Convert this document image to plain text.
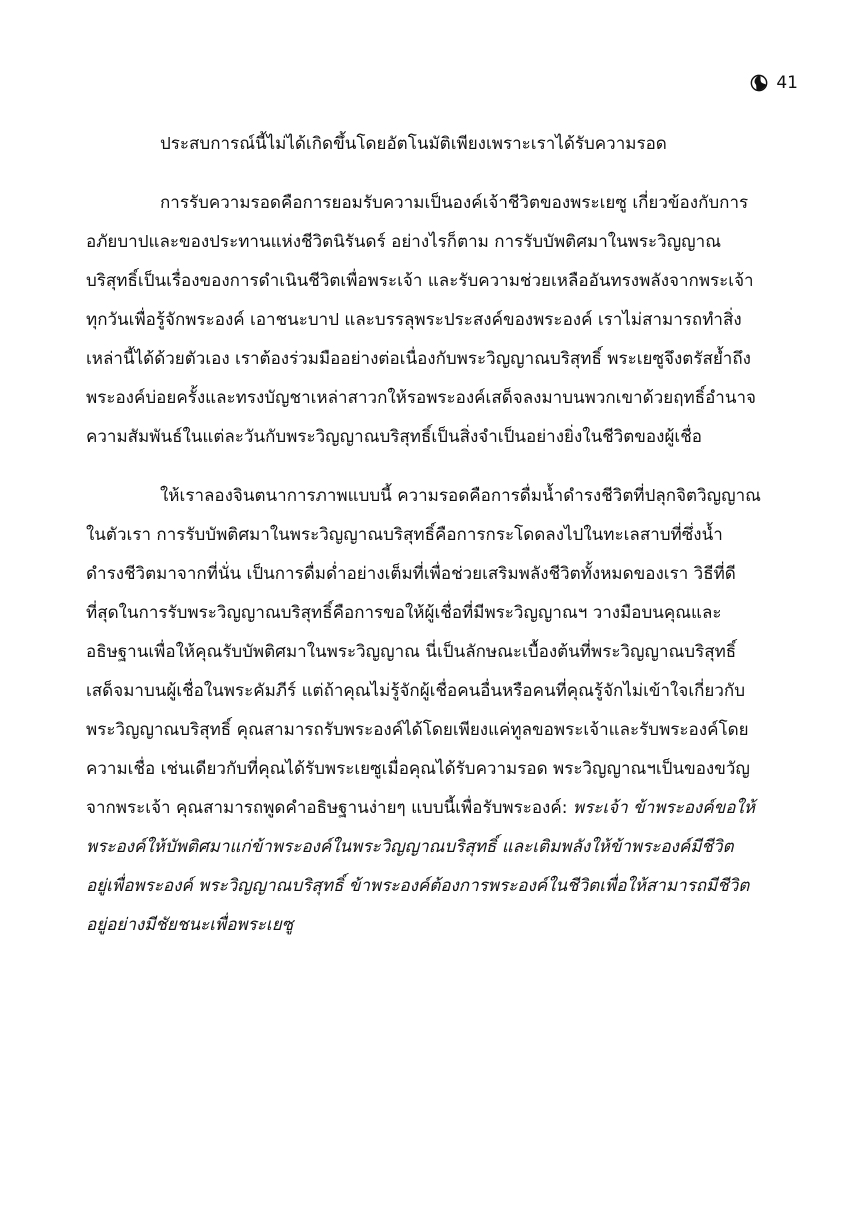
41
ประสบการณ์นี้ไม่ได้เกิดขึ้นโดยอัตโนมัติเพียงเพราะเราได้รับความรอด
การรับความรอดคือการยอมรับความเป็นองค์เจ้าชีวิตของพระเยซู เกี่ยวข้องกับการ
อภัยบาปและของประทานแห่งชีวิตนิรันดร์ อย่างไรก็ตาม การรับบัพติศมาในพระวิญญาณ
บริสุทธิ์เป็นเรื่องของการดำเนินชีวิตเพื่อพระเจ้า และรับความช่วยเหลืออันทรงพลังจากพระเจ้า
ทุกวันเพื่อรู้จักพระองค์ เอาชนะบาป และบรรลุพระประสงค์ของพระองค์ เราไม่สามารถทำสิ่ง
เหล่านี้ได้ด้วยตัวเอง เราต้องร่วมมืออย่างต่อเนื่องกับพระวิญญาณบริสุทธิ์ พระเยซูจึงตรัสย้ำถึง
พระองค์บ่อยครั้งและทรงบัญชาเหล่าสาวกให้รอพระองค์เสด็จลงมาบนพวกเขาด้วยฤทธิ์อำนาจ
ความสัมพันธ์ในแต่ละวันกับพระวิญญาณบริสุทธิ์เป็นสิ่งจำเป็นอย่างยิ่งในชีวิตของผู้เชื่อ
ให้เราลองจินตนาการภาพแบบนี้ ความรอดคือการดื่มน้ำดำรงชีวิตที่ปลุกจิตวิญญาณ
ในตัวเรา การรับบัพติศมาในพระวิญญาณบริสุทธิ์คือการกระโดดลงไปในทะเลสาบที่ซึ่งน้ำ
ดำรงชีวิตมาจากที่นั่น เป็นการดื่มด่ำอย่างเต็มที่เพื่อช่วยเสริมพลังชีวิตทั้งหมดของเรา วิธีที่ดี
ที่สุดในการรับพระวิญญาณบริสุทธิ์คือการขอให้ผู้เชื่อที่มีพระวิญญาณฯ วางมือบนคุณและ
อธิษฐานเพื่อให้คุณรับบัพติศมาในพระวิญญาณ นี่เป็นลักษณะเบื้องต้นที่พระวิญญาณบริสุทธิ์
เสด็จมาบนผู้เชื่อในพระคัมภีร์ แต่ถ้าคุณไม่รู้จักผู้เชื่อคนอื่นหรือคนที่คุณรู้จักไม่เข้าใจเกี่ยวกับ
พระวิญญาณบริสุทธิ์ คุณสามารถรับพระองค์ได้โดยเพียงแค่ทูลขอพระเจ้าและรับพระองค์โดย
ความเชื่อ เช่นเดียวกับที่คุณได้รับพระเยซูเมื่อคุณได้รับความรอด พระวิญญาณฯเป็นของขวัญ
จากพระเจ้า คุณสามารถพูดคำอธิษฐานง่ายๆ แบบนี้เพื่อรับพระองค์: พระเจ้า ข้าพระองค์ขอให้
พระองค์ให้บัพติศมาแก่ข้าพระองค์ในพระวิญญาณบริสุทธิ์ และเติมพลังให้ข้าพระองค์มีชีวิต
อยู่เพื่อพระองค์ พระวิญญาณบริสุทธิ์ ข้าพระองค์ต้องการพระองค์ในชีวิตเพื่อให้สามารถมีชีวิต
อยู่อย่างมีชัยชนะเพื่อพระเยซู
